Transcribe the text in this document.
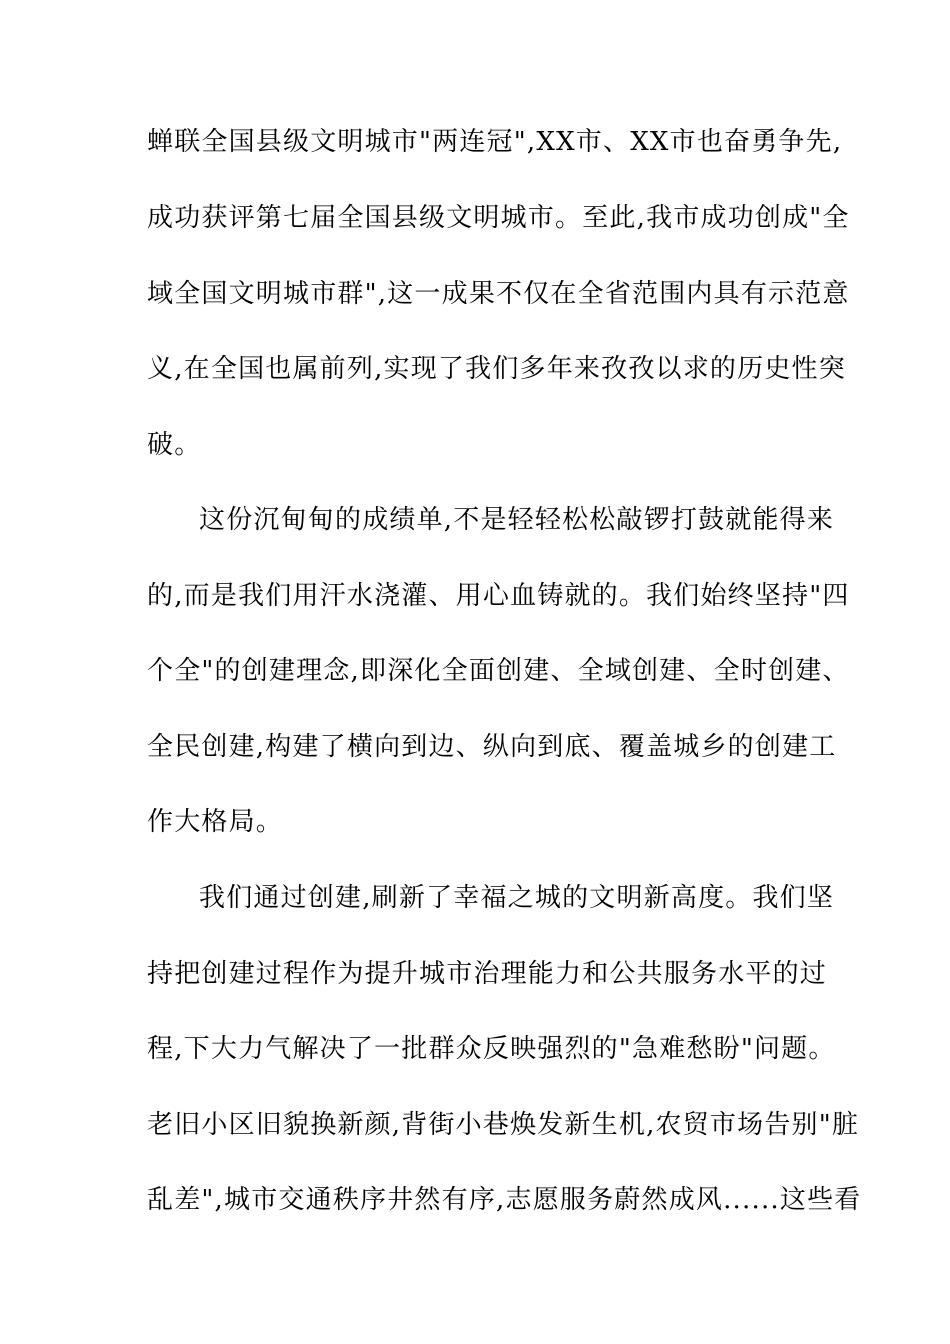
蝉联全国县级文明城市"两连冠",XX市、XX市也奋勇争先,
成功获评第七届全国县级文明城市。至此,我市成功创成"全
域全国文明城市群",这一成果不仅在全省范围内具有示范意
义,在全国也属前列,实现了我们多年来孜孜以求的历史性突
破。
这份沉甸甸的成绩单,不是轻轻松松敲锣打鼓就能得来
的,而是我们用汗水浇灌、用心血铸就的。我们始终坚持"四
个全"的创建理念,即深化全面创建、全域创建、全时创建、
全民创建,构建了横向到边、纵向到底、覆盖城乡的创建工
作大格局。
我们通过创建,刷新了幸福之城的文明新高度。我们坚
持把创建过程作为提升城市治理能力和公共服务水平的过
程,下大力气解决了一批群众反映强烈的"急难愁盼"问题。
老旧小区旧貌换新颜,背街小巷焕发新生机,农贸市场告别"脏
乱差",城市交通秩序井然有序,志愿服务蔚然成风......这些看
